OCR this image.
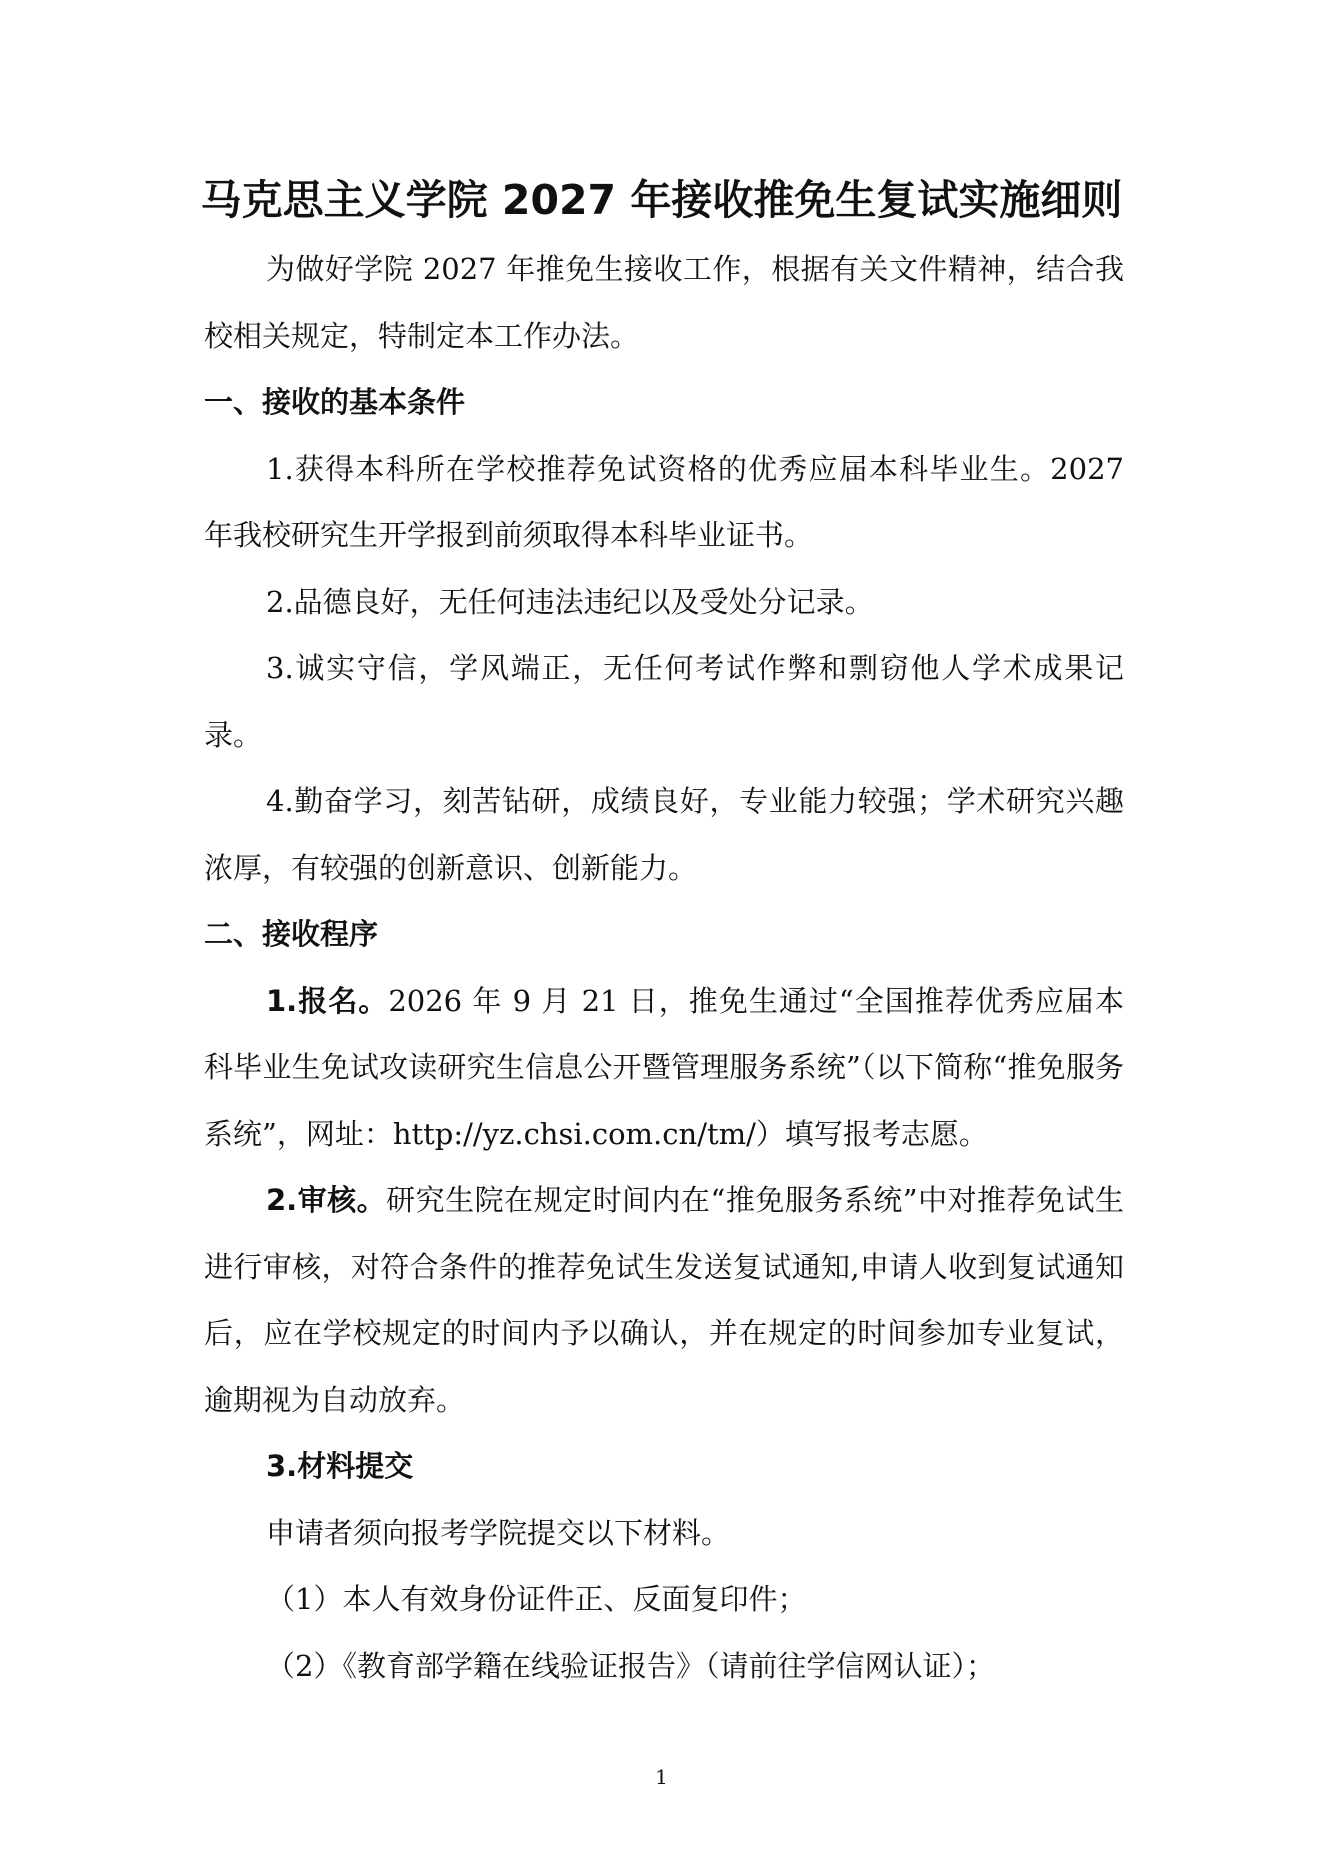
马克思主义学院 2027 年接收推免生复试实施细则

为做好学院 2027 年推免生接收工作，根据有关文件精神，结合我校相关规定，特制定本工作办法。

一、接收的基本条件

1.获得本科所在学校推荐免试资格的优秀应届本科毕业生。2027 年我校研究生开学报到前须取得本科毕业证书。

2.品德良好，无任何违法违纪以及受处分记录。

3.诚实守信，学风端正，无任何考试作弊和剽窃他人学术成果记录。

4.勤奋学习，刻苦钻研，成绩良好，专业能力较强；学术研究兴趣浓厚，有较强的创新意识、创新能力。

二、接收程序

1.报名。2026 年 9 月 21 日，推免生通过“全国推荐优秀应届本科毕业生免试攻读研究生信息公开暨管理服务系统”（以下简称“推免服务系统”，网址：http://yz.chsi.com.cn/tm/）填写报考志愿。

2.审核。研究生院在规定时间内在“推免服务系统”中对推荐免试生进行审核，对符合条件的推荐免试生发送复试通知,申请人收到复试通知后，应在学校规定的时间内予以确认，并在规定的时间参加专业复试，逾期视为自动放弃。

3.材料提交

申请者须向报考学院提交以下材料。

（1）本人有效身份证件正、反面复印件；

（2）《教育部学籍在线验证报告》（请前往学信网认证）；

1
